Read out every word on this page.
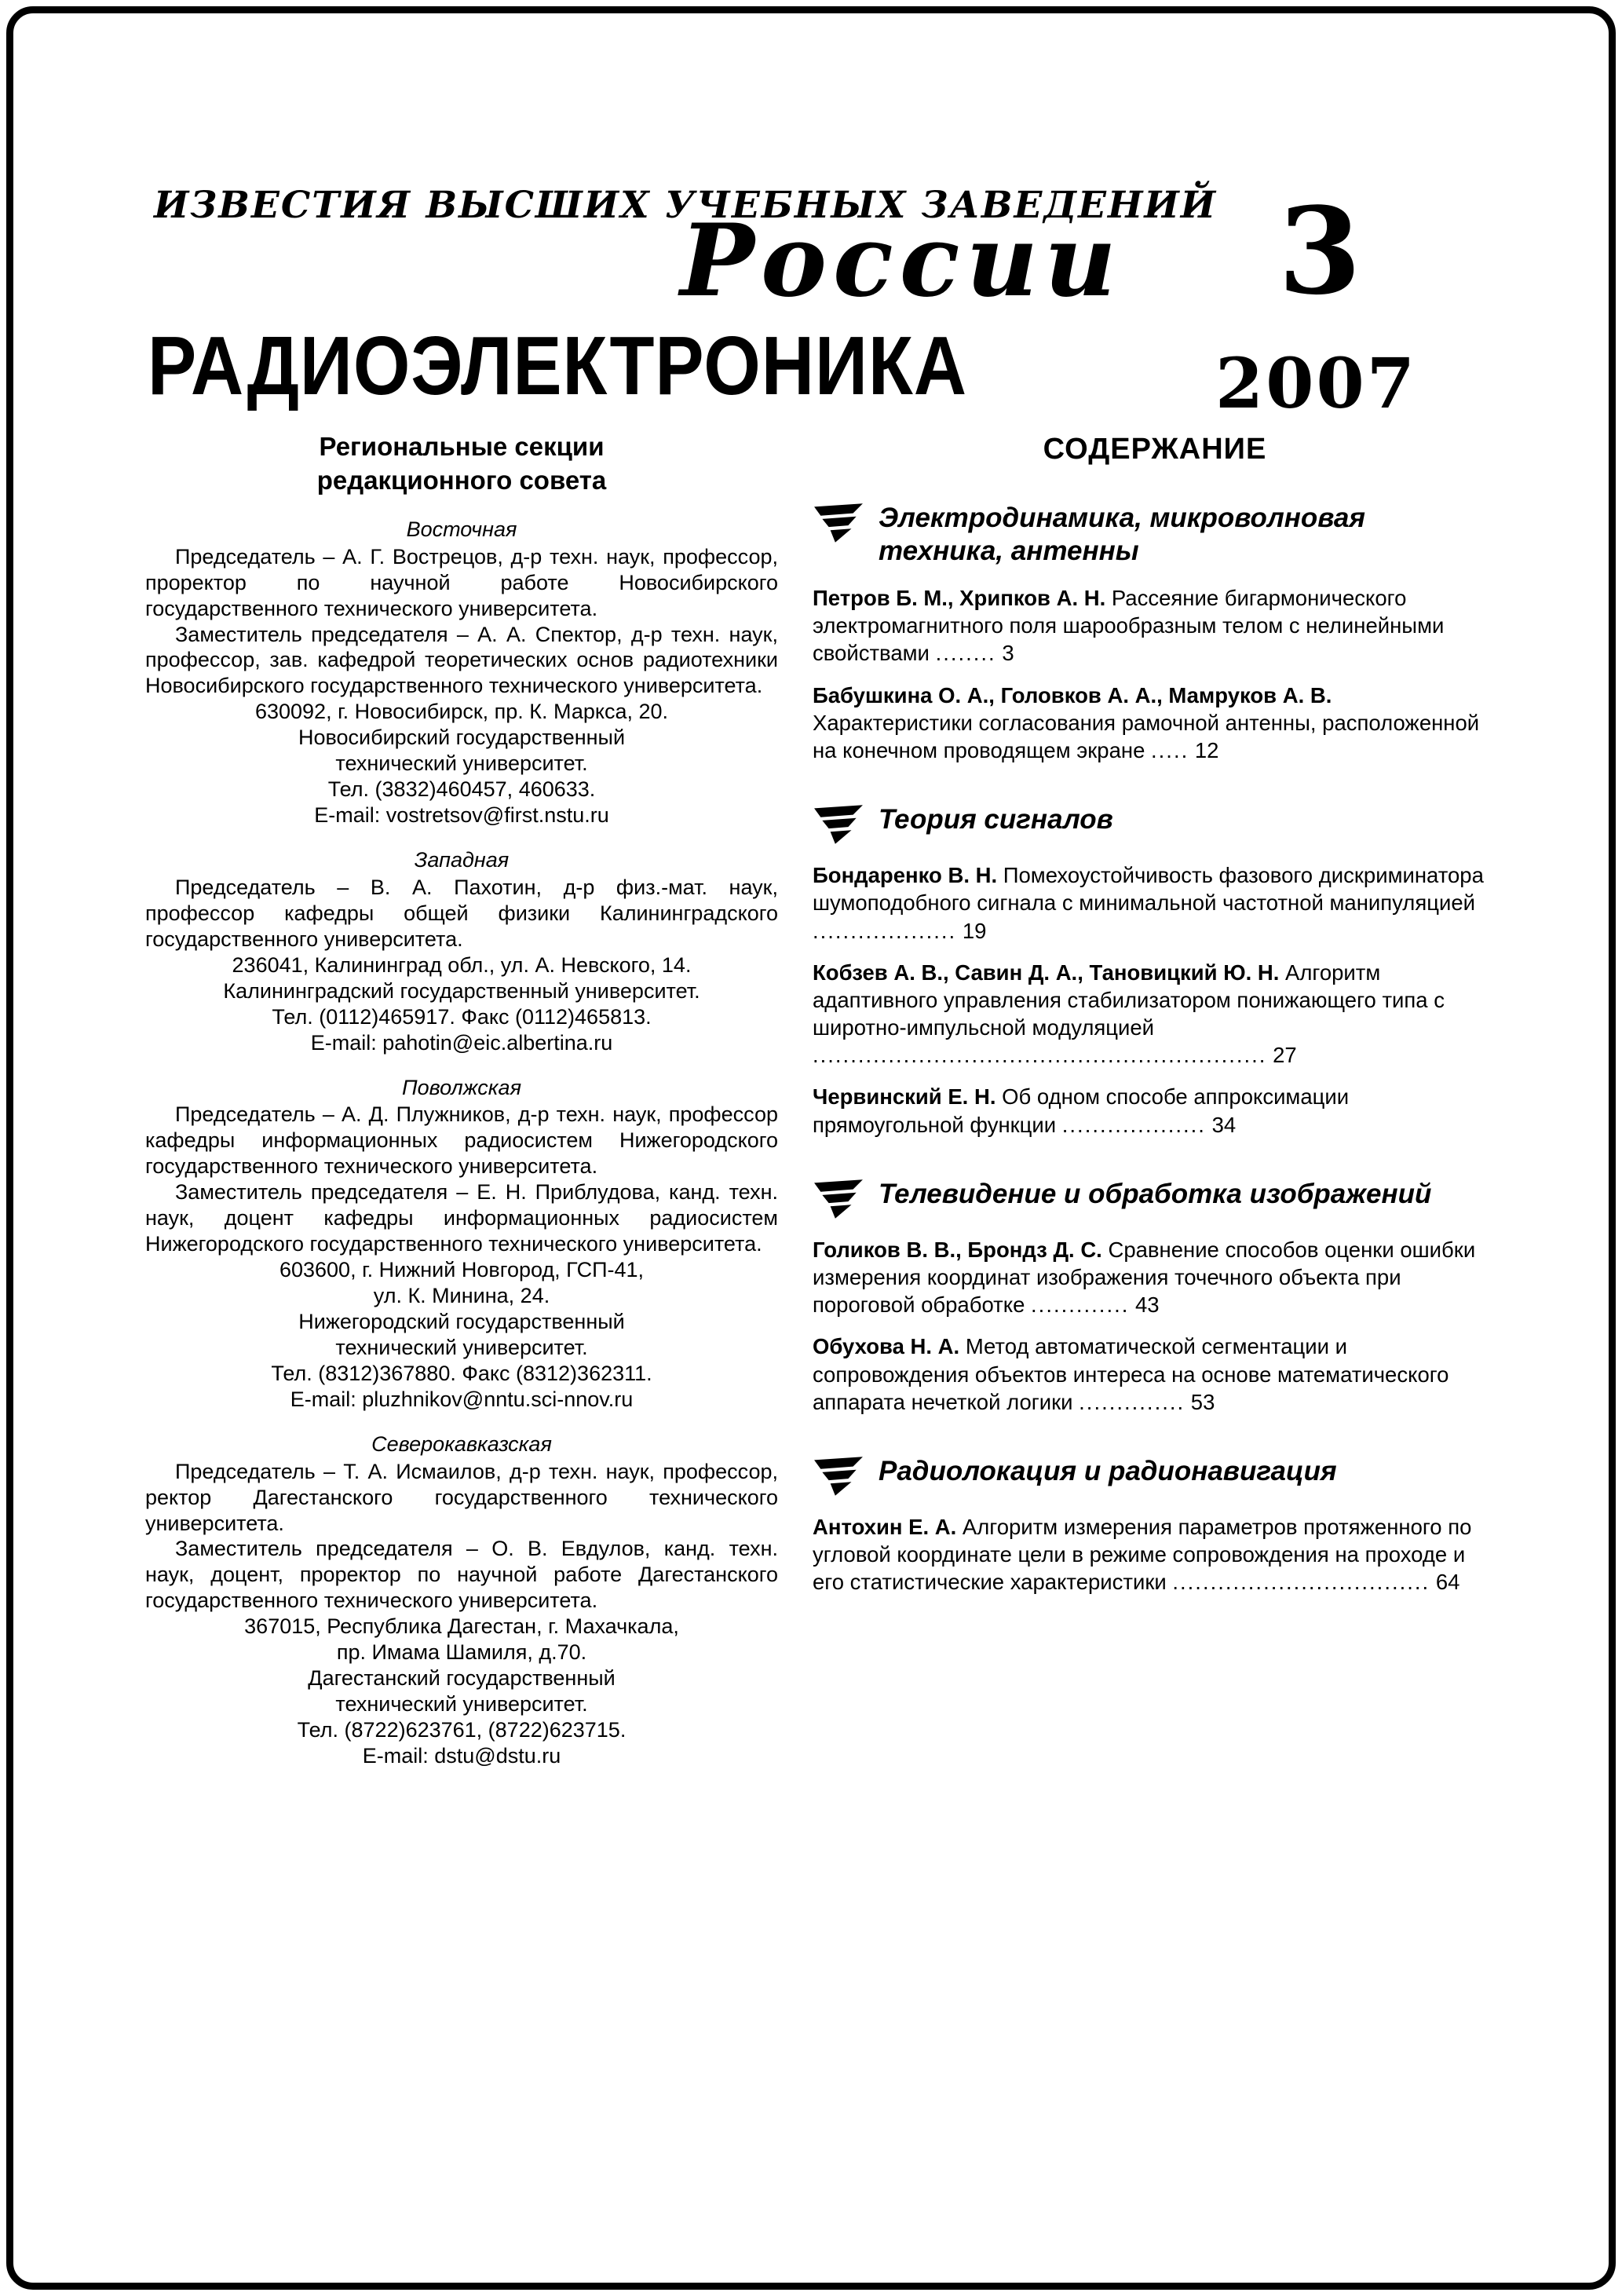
ИЗВЕСТИЯ ВЫСШИХ УЧЕБНЫХ ЗАВЕДЕНИЙ
России	3
РАДИОЭЛЕКТРОНИКА	2007
Региональные секции
редакционного совета
Восточная

Председатель – А. Г. Вострецов, д-р техн. наук, профессор, проректор по научной работе Новосибирского государственного технического университета.

Заместитель председателя – А. А. Спектор, д-р техн. наук, профессор, зав. кафедрой теоретических основ радиотехники Новосибирского государственного технического университета.

630092, г. Новосибирск, пр. К. Маркса, 20.
Новосибирский государственный
технический университет.
Тел. (3832)460457, 460633.
E-mail: vostretsov@first.nstu.ru
Западная

Председатель – В. А. Пахотин, д-р физ.-мат. наук, профессор кафедры общей физики Калининградского государственного университета.

236041, Калининград обл., ул. А. Невского, 14.
Калининградский государственный университет.
Тел. (0112)465917. Факс (0112)465813.
E-mail: pahotin@eic.albertina.ru
Поволжская

Председатель – А. Д. Плужников, д-р техн. наук, профессор кафедры информационных радиосистем Нижегородского государственного технического университета.

Заместитель председателя – Е. Н. Приблудова, канд. техн. наук, доцент кафедры информационных радиосистем Нижегородского государственного технического университета.

603600, г. Нижний Новгород, ГСП-41,
ул. К. Минина, 24.
Нижегородский государственный
технический университет.
Тел. (8312)367880. Факс (8312)362311.
E-mail: pluzhnikov@nntu.sci-nnov.ru
Северокавказская

Председатель – Т. А. Исмаилов, д-р техн. наук, профессор, ректор Дагестанского государственного технического университета.

Заместитель председателя – О. В. Евдулов, канд. техн. наук, доцент, проректор по научной работе Дагестанского государственного технического университета.

367015, Республика Дагестан, г. Махачкала,
пр. Имама Шамиля, д.70.
Дагестанский государственный
технический университет.
Тел. (8722)623761, (8722)623715.
E-mail: dstu@dstu.ru
СОДЕРЖАНИЕ
Электродинамика, микроволновая техника, антенны

Петров Б. М., Хрипков А. Н. Рассеяние бигармонического электромагнитного поля шарообразным телом с нелинейными свойствами ........ 3

Бабушкина О. А., Головков А. А., Мамруков А. В. Характеристики согласования рамочной антенны, расположенной на конечном проводящем экране ..... 12

Теория сигналов

Бондаренко В. Н. Помехоустойчивость фазового дискриминатора шумоподобного сигнала с минимальной частотной манипуляцией ................... 19

Кобзев А. В., Савин Д. А., Тановицкий Ю. Н. Алгоритм адаптивного управления стабилизатором понижающего типа с широтно-импульсной модуляцией ............................................................ 27

Червинский Е. Н. Об одном способе аппроксимации прямоугольной функции ................... 34

Телевидение и обработка изображений

Голиков В. В., Брондз Д. С. Сравнение способов оценки ошибки измерения координат изображения точечного объекта при пороговой обработке ............. 43

Обухова Н. А. Метод автоматической сегментации и сопровождения объектов интереса на основе математического аппарата нечеткой логики .............. 53

Радиолокация и радионавигация

Антохин Е. А. Алгоритм измерения параметров протяженного по угловой координате цели в режиме сопровождения на проходе и его статистические характеристики .................................. 64
